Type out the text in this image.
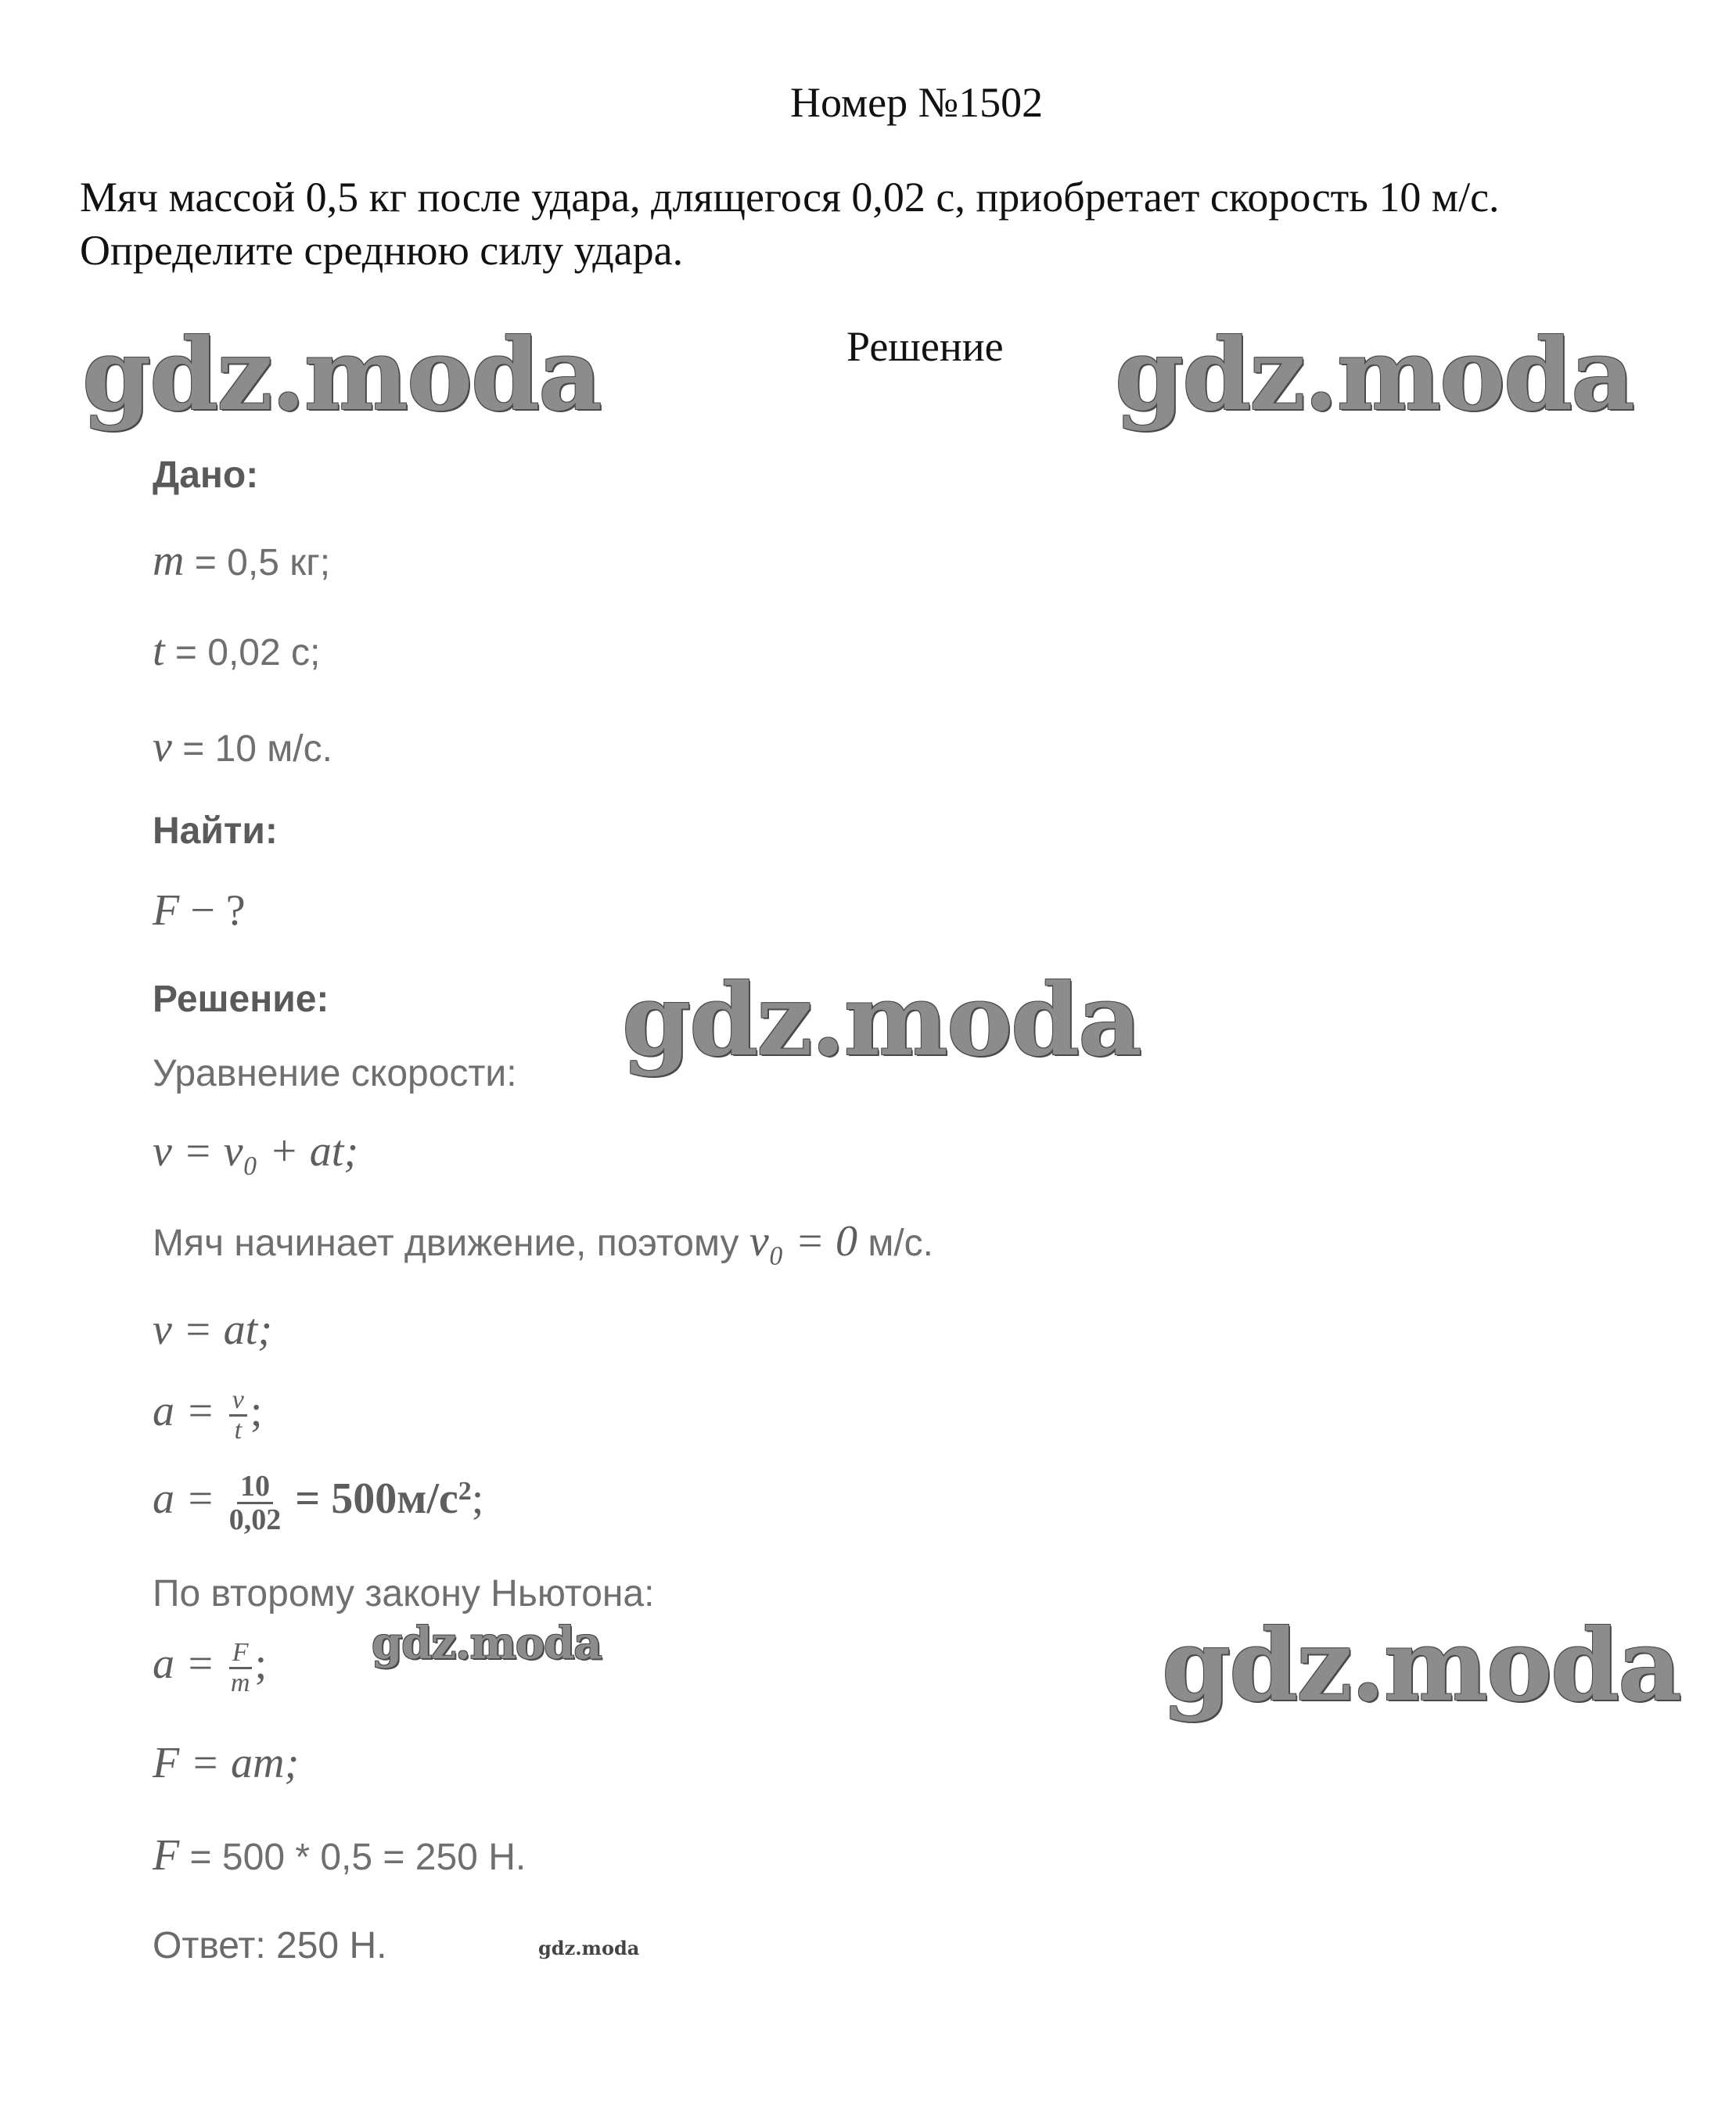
Номер №1502

Мяч массой 0,5 кг после удара, длящегося 0,02 с, приобретает скорость 10 м/с.

Определите среднюю силу удара.

Решение
gdz.moda	gdz.moda
gdz.moda
gdz.moda	gdz.moda
gdz.moda
Дано:
m = 0,5 кг;
t = 0,02 с;
v = 10 м/с.
Найти:
F − ?
Решение:
Уравнение скорости:
v = v₀ + at;
Мяч начинает движение, поэтому v₀ = 0 м/с.
v = at;
$a = \frac{v}{t}$ ;
$a = \frac{10}{0,02} = 500м/с^2$;
По второму закону Ньютона:
$a = \frac{F}{m}$ ;
F = am;
F = 500 * 0,5 = 250 Н.
Ответ: 250 Н.
